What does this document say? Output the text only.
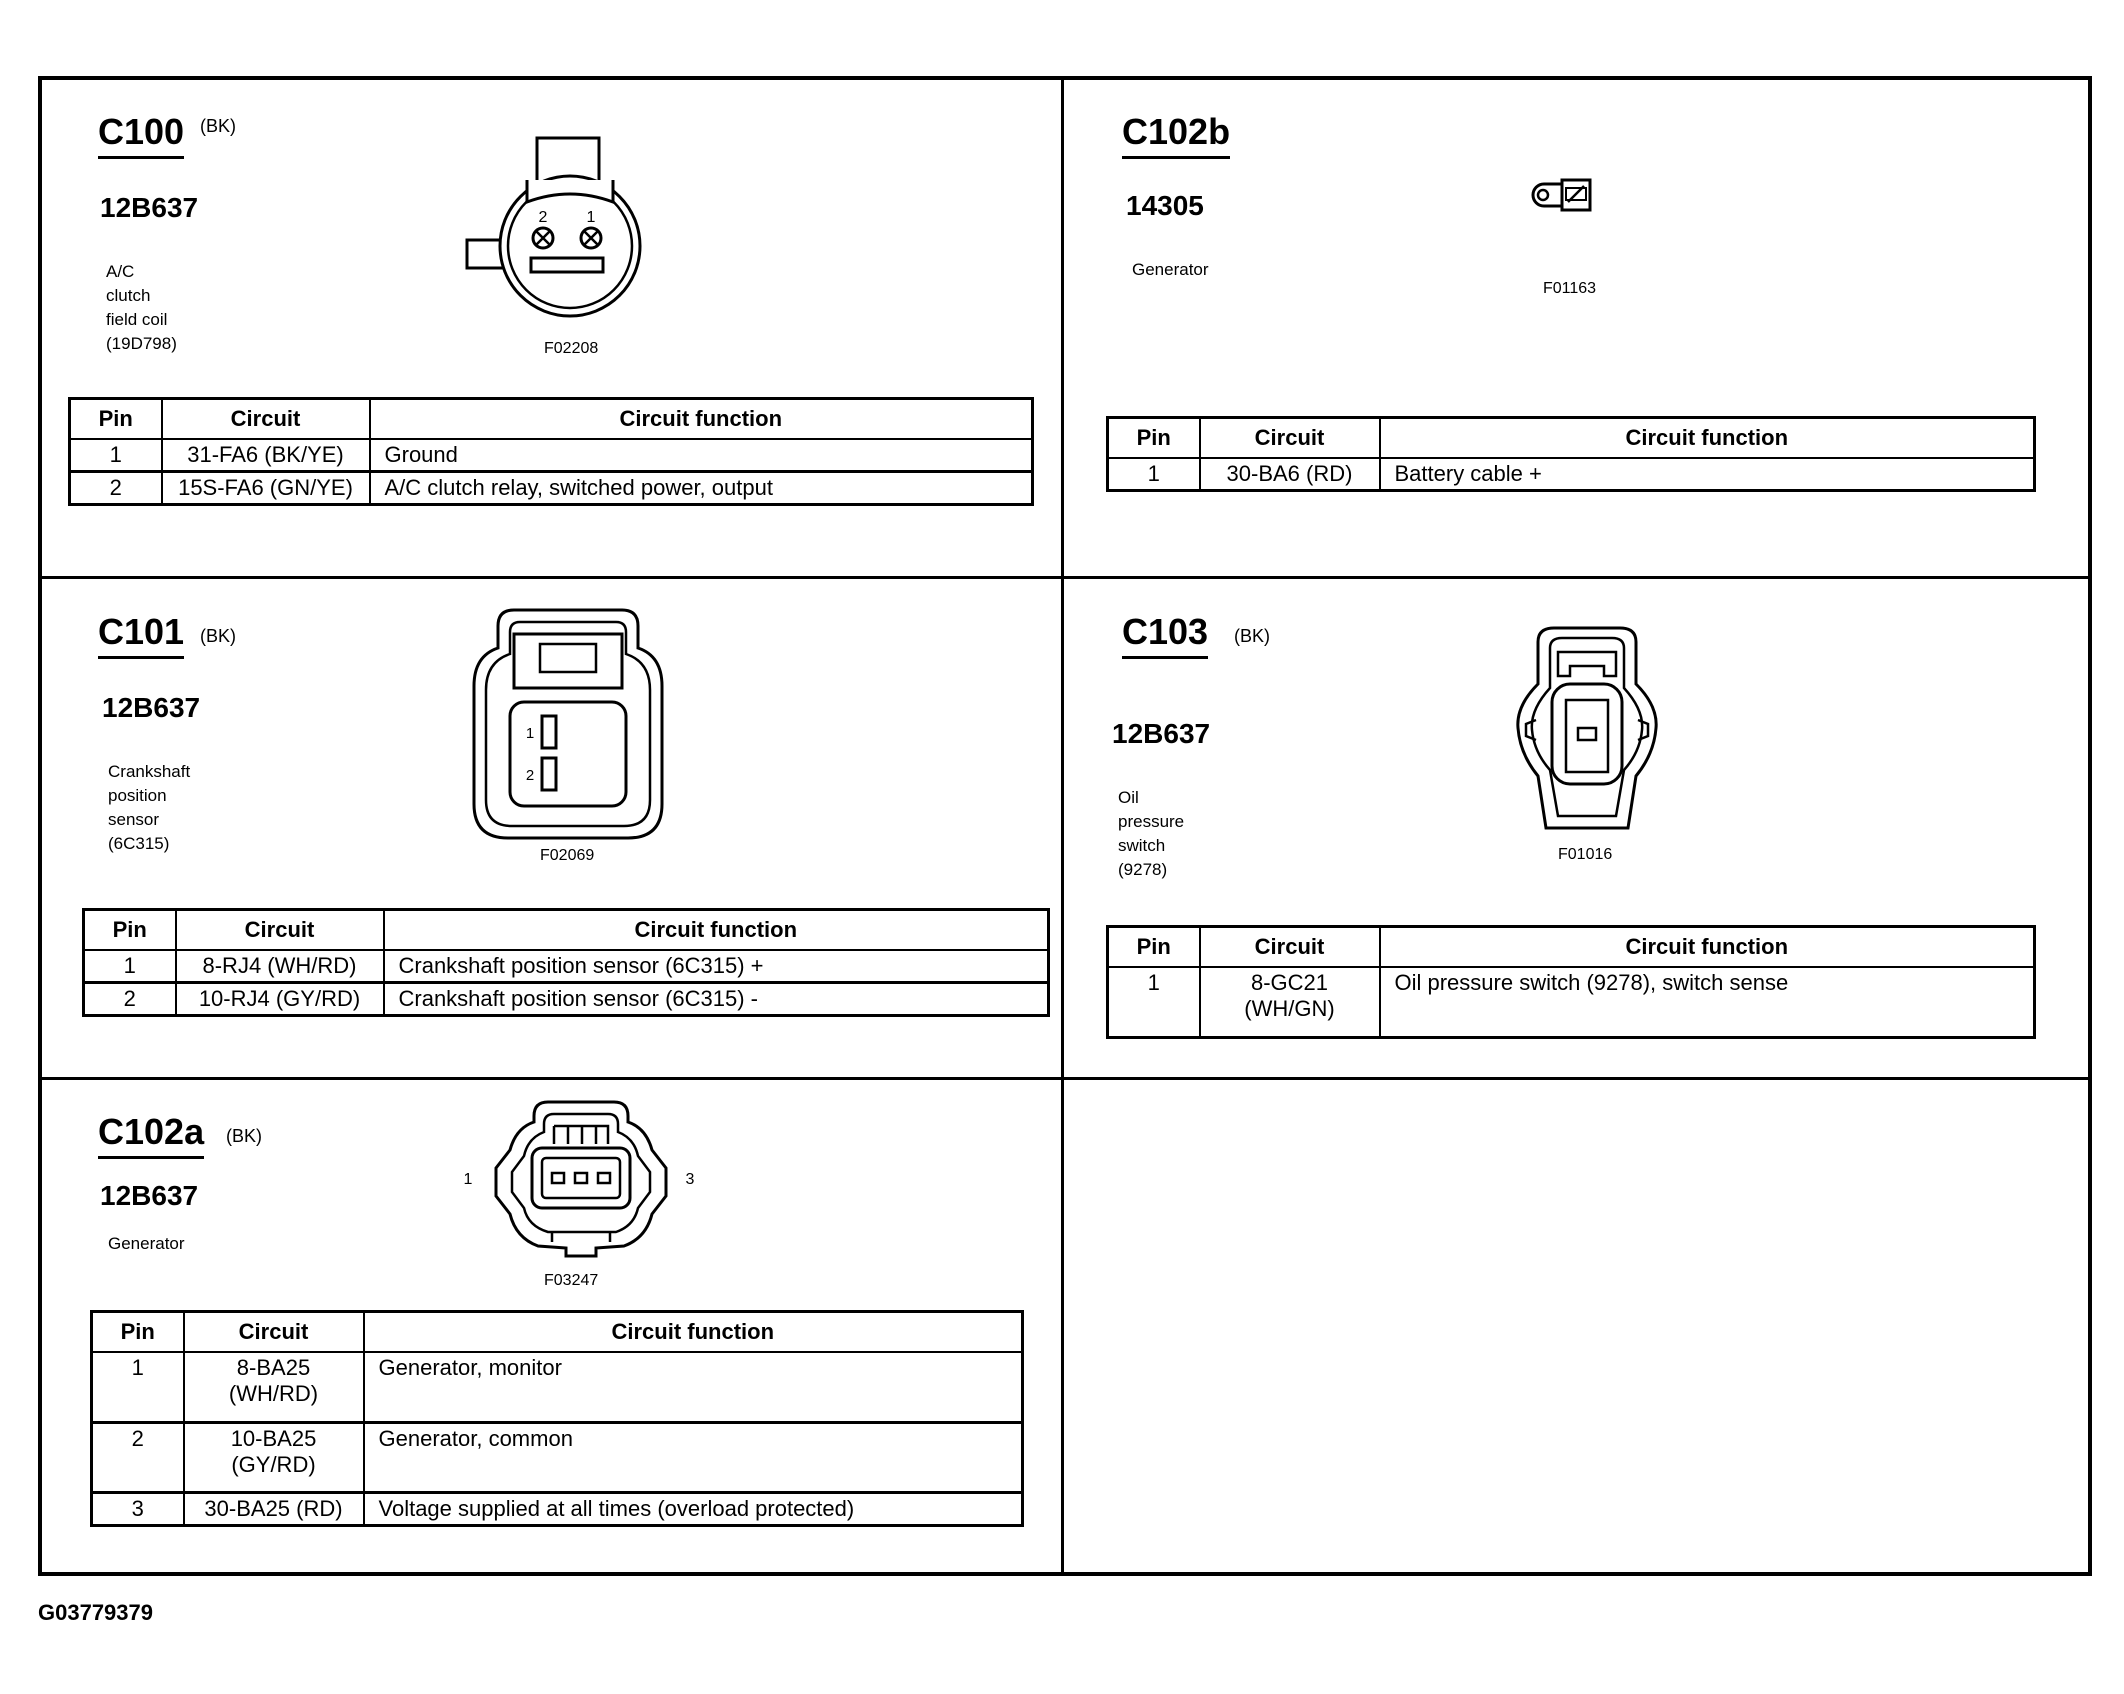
C100 (BK)
12B637
A/C clutch field coil
(19D798)
2 1
F02208
Pin	Circuit	Circuit function
1	31-FA6 (BK/YE)	Ground
2	15S-FA6 (GN/YE)	A/C clutch relay, switched power, output
C102b
14305
Generator
F01163
Pin	Circuit	Circuit function
1	30-BA6 (RD)	Battery cable +
C101 (BK)
12B637
Crankshaft position
sensor (6C315)
1
2
F02069
Pin	Circuit	Circuit function
1	8-RJ4 (WH/RD)	Crankshaft position sensor (6C315) +
2	10-RJ4 (GY/RD)	Crankshaft position sensor (6C315) -
C103 (BK)
12B637
Oil pressure switch
(9278)
F01016
Pin	Circuit	Circuit function
1	8-GC21 (WH/GN)	Oil pressure switch (9278), switch sense
C102a (BK)
12B637
Generator
1	3
F03247
Pin	Circuit	Circuit function
1	8-BA25 (WH/RD)	Generator, monitor
2	10-BA25 (GY/RD)	Generator, common
3	30-BA25 (RD)	Voltage supplied at all times (overload protected)
G03779379
